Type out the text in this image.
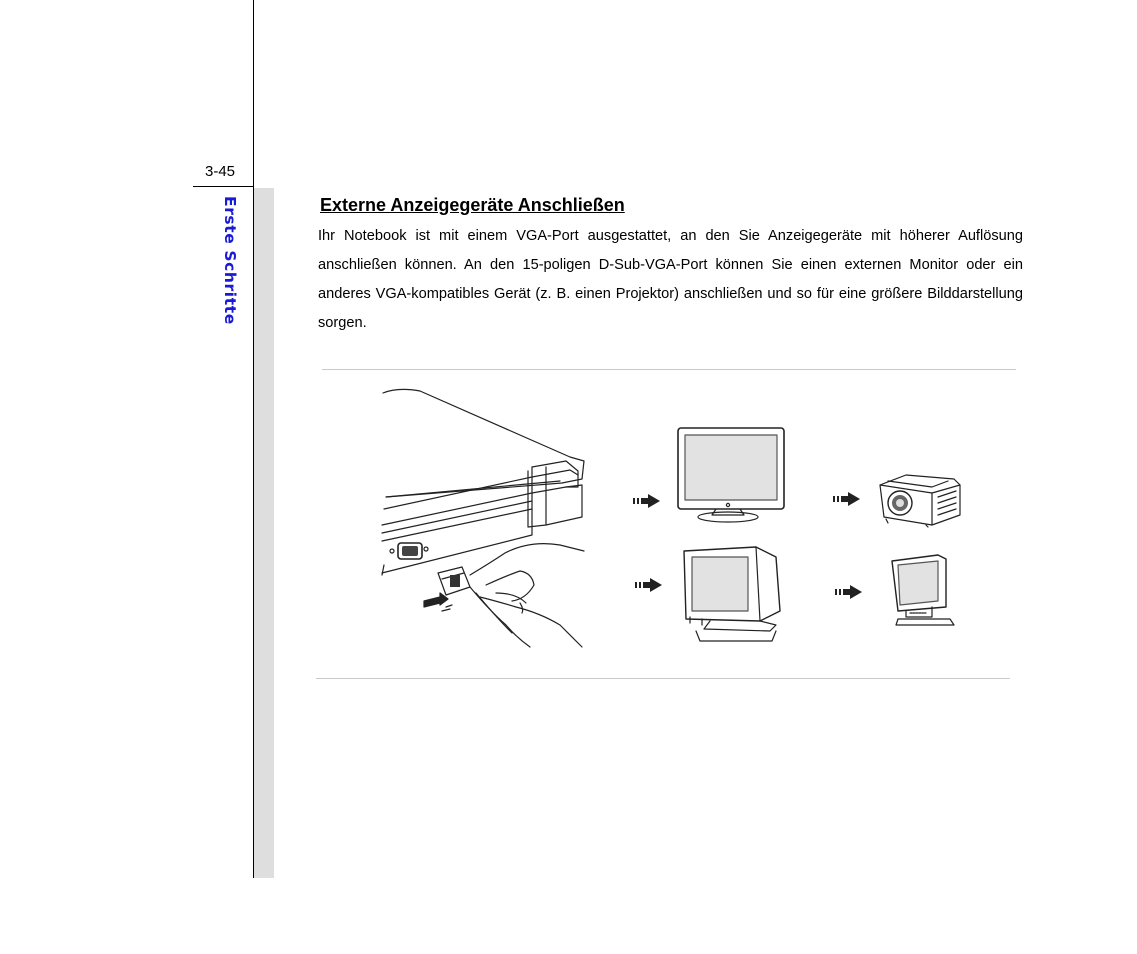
3-45
Erste Schritte	Externe Anzeigegeräte Anschließen
Ihr Notebook ist mit einem VGA-Port ausgestattet, an den Sie Anzeigegeräte mit höherer Auflösung anschließen können. An den 15-poligen D-Sub-VGA-Port können Sie einen externen Monitor oder ein anderes VGA-kompatibles Gerät (z. B. einen Projektor) anschließen und so für eine größere Bilddarstellung sorgen.
